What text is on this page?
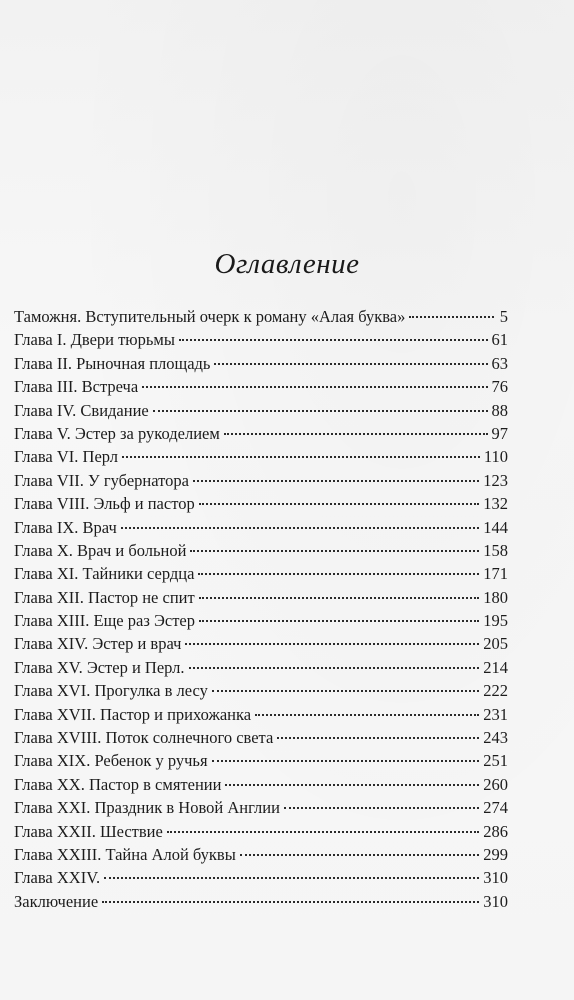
Оглавление
Таможня. Вступительный очерк к роману «Алая буква»	5
Глава I. Двери тюрьмы	61
Глава II. Рыночная площадь	63
Глава III. Встреча	76
Глава IV. Свидание	88
Глава V. Эстер за рукоделием	97
Глава VI. Перл	110
Глава VII. У губернатора	123
Глава VIII. Эльф и пастор	132
Глава IX. Врач	144
Глава X. Врач и больной	158
Глава XI. Тайники сердца	171
Глава XII. Пастор не спит	180
Глава XIII. Еще раз Эстер	195
Глава XIV. Эстер и врач	205
Глава XV. Эстер и Перл.	214
Глава XVI. Прогулка в лесу	222
Глава XVII. Пастор и прихожанка	231
Глава XVIII. Поток солнечного света	243
Глава XIX. Ребенок у ручья	251
Глава XX. Пастор в смятении	260
Глава XXI. Праздник в Новой Англии	274
Глава XXII. Шествие	286
Глава XXIII. Тайна Алой буквы	299
Глава XXIV.	310
Заключение	310
